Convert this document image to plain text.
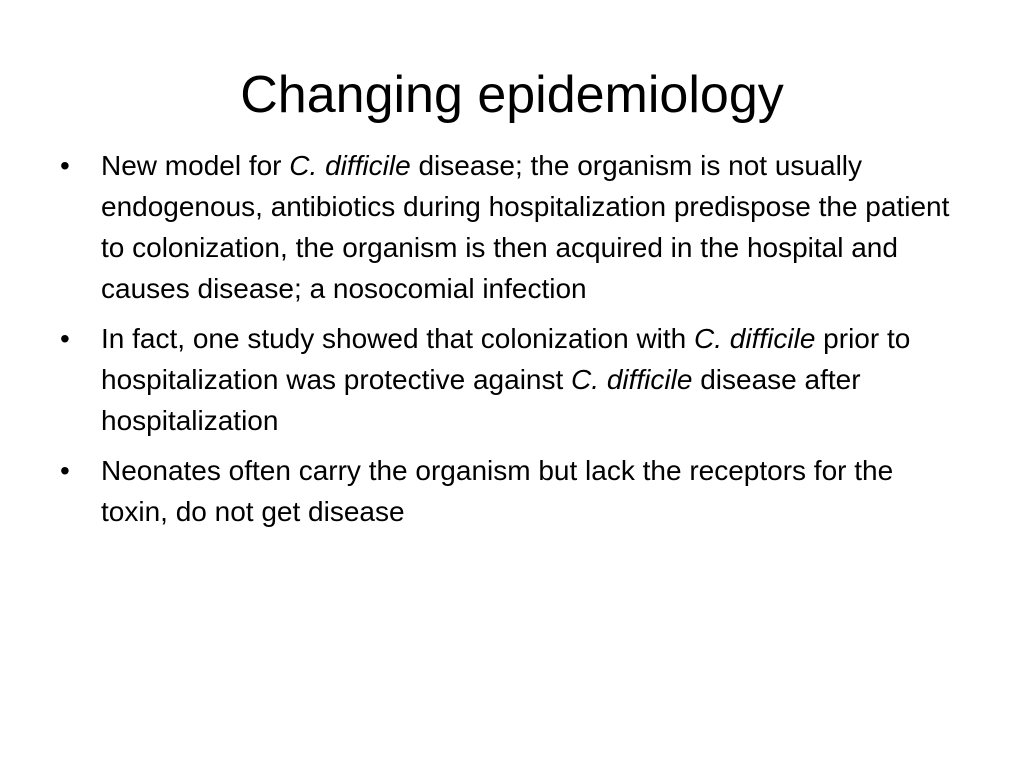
Changing epidemiology
• New model for C. difficile disease; the organism is not usually endogenous, antibiotics during hospitalization predispose the patient to colonization, the organism is then acquired in the hospital and causes disease; a nosocomial infection
• In fact, one study showed that colonization with C. difficile prior to hospitalization was protective against C. difficile disease after hospitalization
• Neonates often carry the organism but lack the receptors for the toxin, do not get disease
